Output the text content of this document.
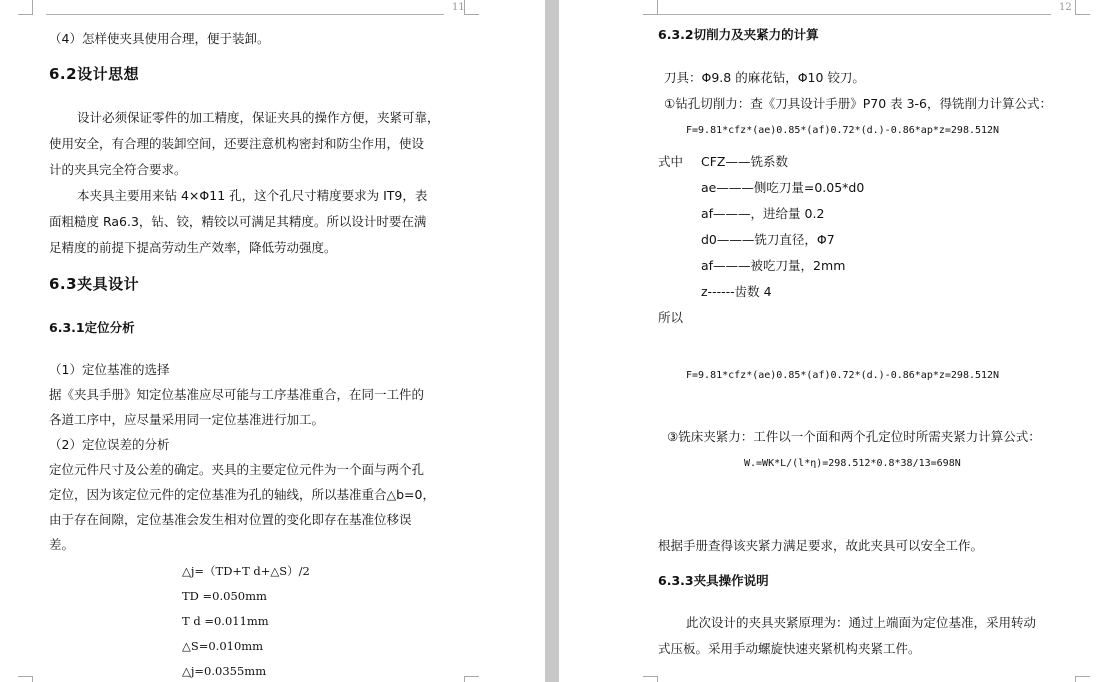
11
（4）怎样使夹具使用合理，便于装卸。
6.2设计思想
设计必须保证零件的加工精度，保证夹具的操作方便，夹紧可靠，
使用安全，有合理的装卸空间，还要注意机构密封和防尘作用，使设
计的夹具完全符合要求。
本夹具主要用来钻 4×Φ11 孔，这个孔尺寸精度要求为 IT9，表
面粗糙度 Ra6.3，钻、铰，精铰以可满足其精度。所以设计时要在满
足精度的前提下提高劳动生产效率，降低劳动强度。
6.3夹具设计
6.3.1定位分析
（1）定位基准的选择
据《夹具手册》知定位基准应尽可能与工序基准重合，在同一工件的
各道工序中，应尽量采用同一定位基准进行加工。
（2）定位误差的分析
定位元件尺寸及公差的确定。夹具的主要定位元件为一个面与两个孔
定位，因为该定位元件的定位基准为孔的轴线，所以基准重合△b=0，
由于存在间隙，定位基准会发生相对位置的变化即存在基准位移误
差。
△j=（TD+T d+△S）/2
TD =0.050mm
T d =0.011mm
△S=0.010mm
△j=0.0355mm
12
6.3.2切削力及夹紧力的计算
刀具：Φ9.8 的麻花钻，Φ10 铰刀。
①钻孔切削力：查《刀具设计手册》P70 表 3-6，得铣削力计算公式：
F=9.81*cfz*(ae)0.85*(af)0.72*(d.)-0.86*ap*z=298.512N
式中 CFZ——铣系数
ae———侧吃刀量=0.05*d0
af———，进给量 0.2
d0———铣刀直径，Φ7
af———被吃刀量，2mm
z------齿数 4
所以
F=9.81*cfz*(ae)0.85*(af)0.72*(d.)-0.86*ap*z=298.512N
③铣床夹紧力：工件以一个面和两个孔定位时所需夹紧力计算公式：
W.=WK*L/(l*η)=298.512*0.8*38/13=698N
根据手册查得该夹紧力满足要求，故此夹具可以安全工作。
6.3.3夹具操作说明
此次设计的夹具夹紧原理为：通过上端面为定位基准，采用转动
式压板。采用手动螺旋快速夹紧机构夹紧工件。
